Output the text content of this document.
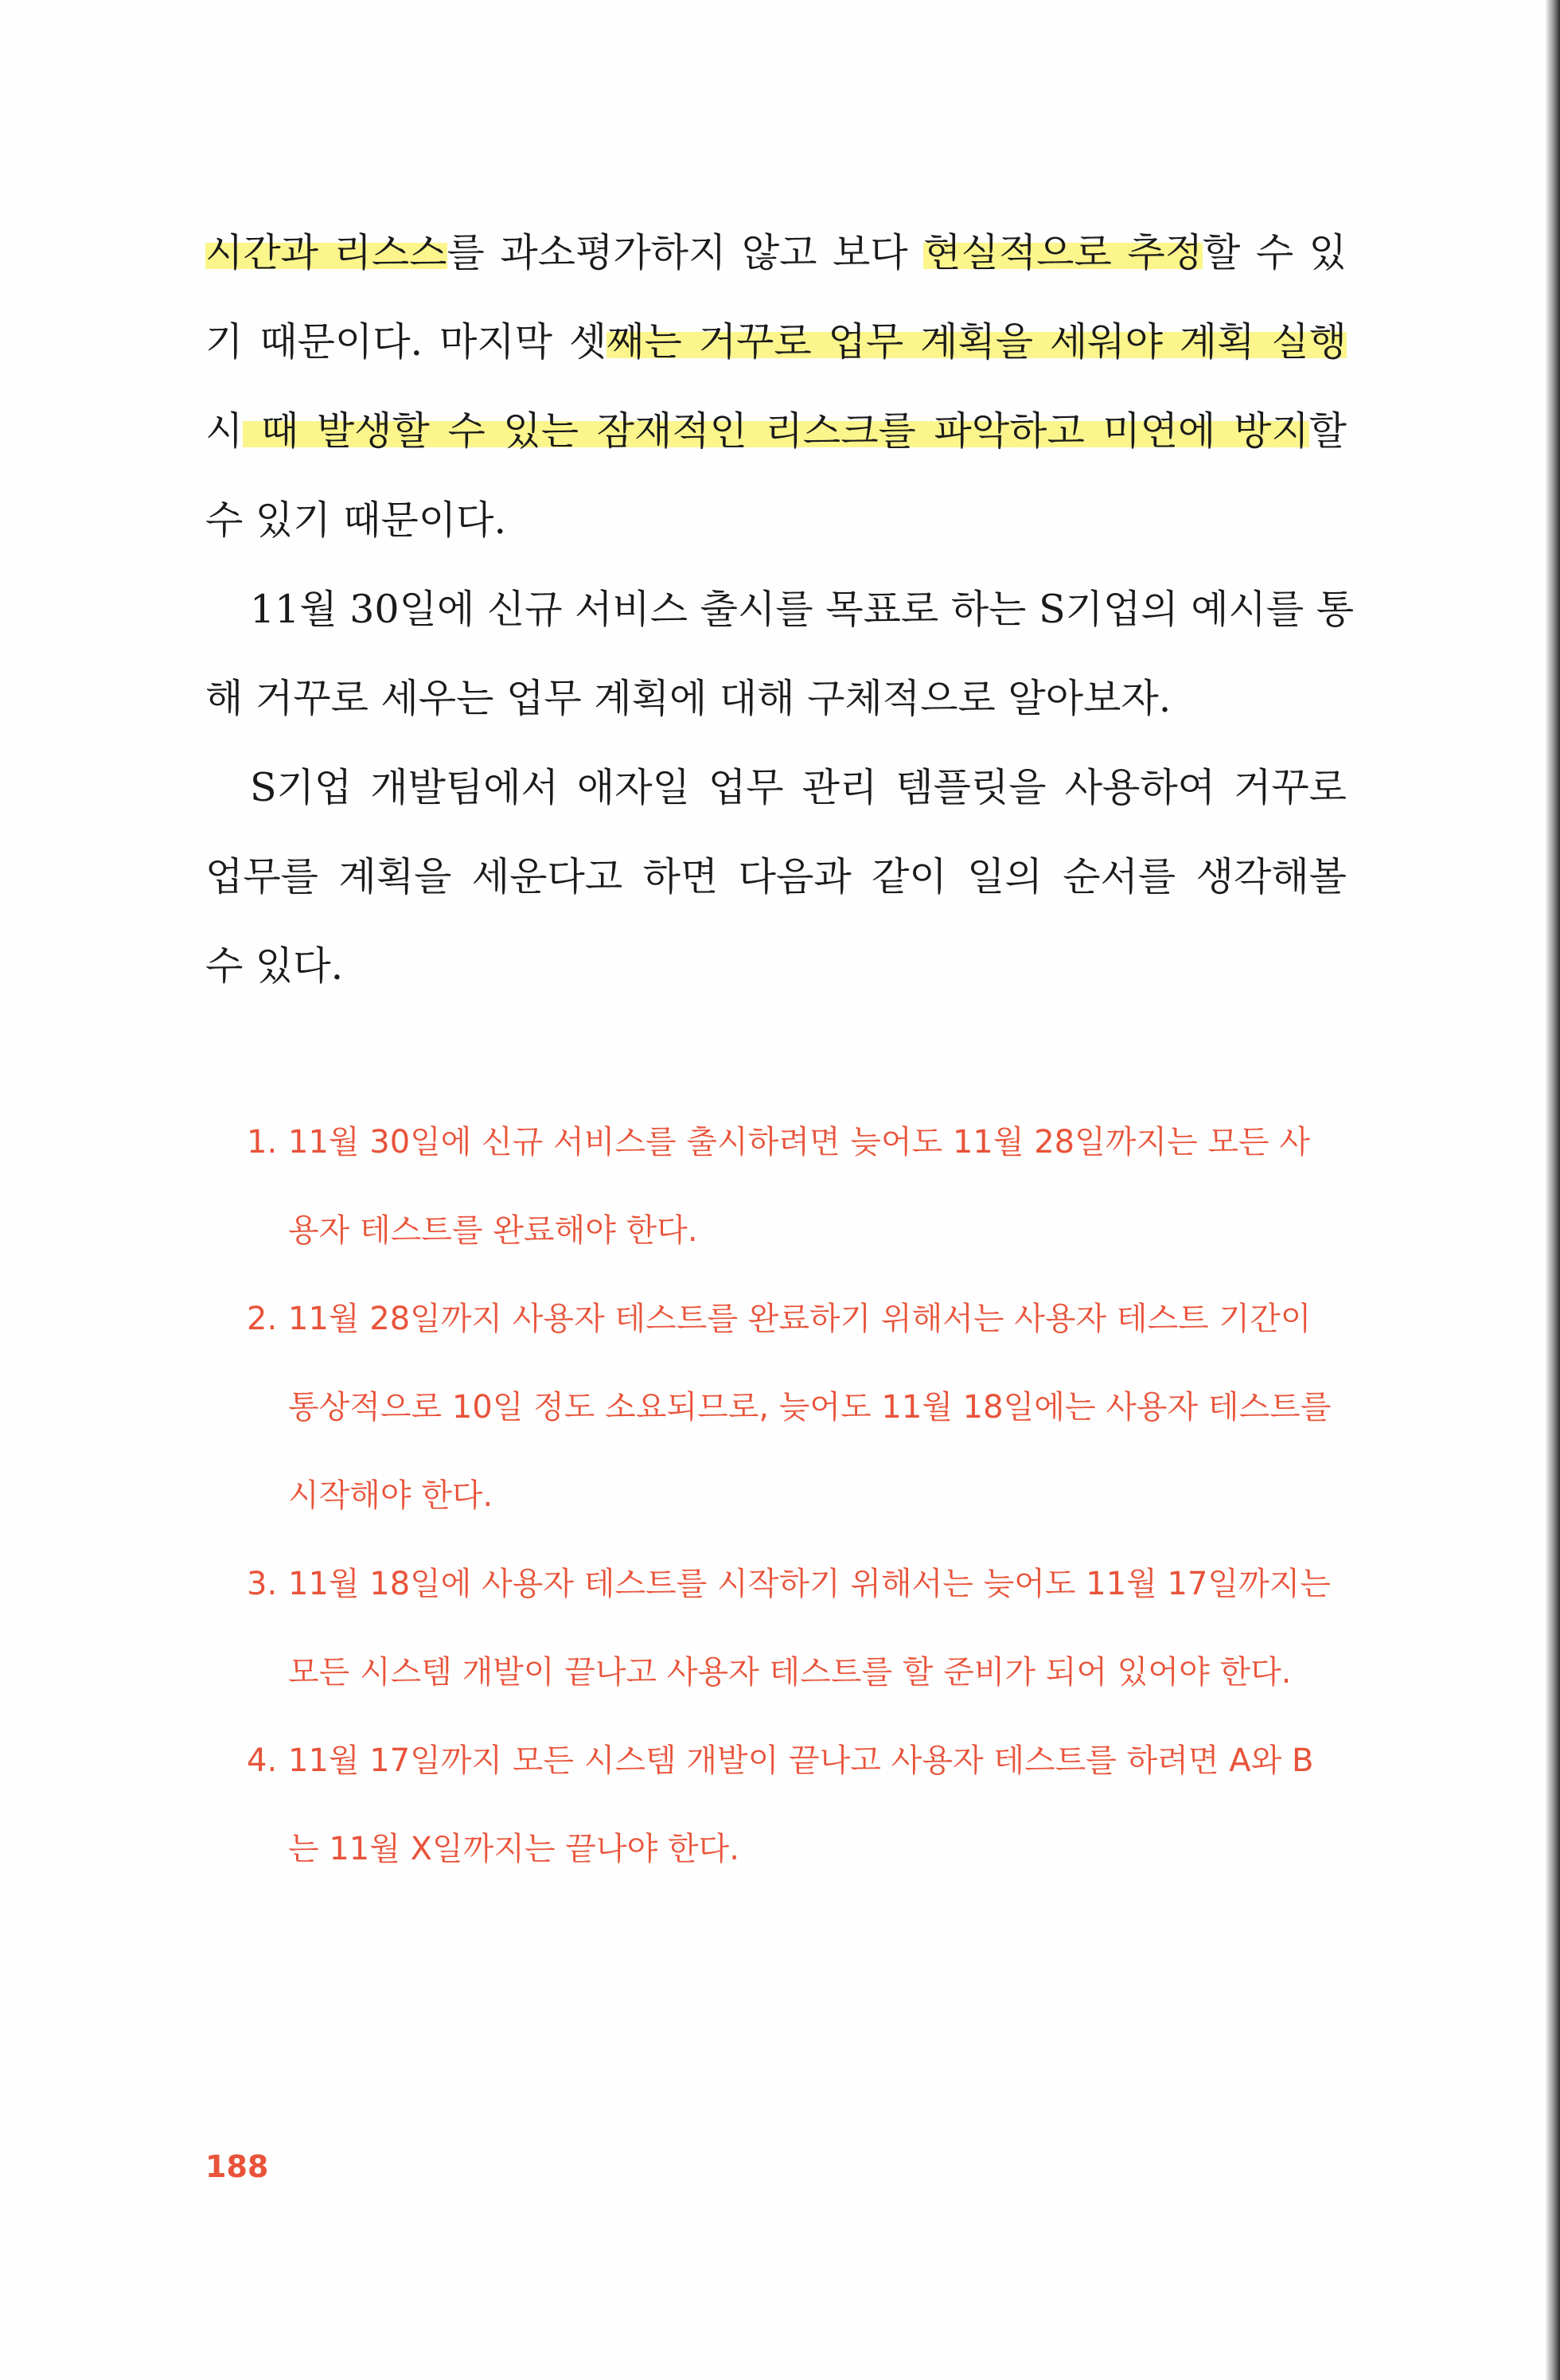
시간과 리스스를 과소평가하지 않고 보다 현실적으로 추정할 수 있
기 때문이다. 마지막 셋째는 거꾸로 업무 계획을 세워야 계획 실행
시 때 발생할 수 있는 잠재적인 리스크를 파악하고 미연에 방지할
수 있기 때문이다.
11월 30일에 신규 서비스 출시를 목표로 하는 S기업의 예시를 통
해 거꾸로 세우는 업무 계획에 대해 구체적으로 알아보자.
S기업 개발팀에서 애자일 업무 관리 템플릿을 사용하여 거꾸로
업무를 계획을 세운다고 하면 다음과 같이 일의 순서를 생각해볼
수 있다.
1. 11월 30일에 신규 서비스를 출시하려면 늦어도 11월 28일까지는 모든 사
용자 테스트를 완료해야 한다.
2. 11월 28일까지 사용자 테스트를 완료하기 위해서는 사용자 테스트 기간이
통상적으로 10일 정도 소요되므로, 늦어도 11월 18일에는 사용자 테스트를
시작해야 한다.
3. 11월 18일에 사용자 테스트를 시작하기 위해서는 늦어도 11월 17일까지는
모든 시스템 개발이 끝나고 사용자 테스트를 할 준비가 되어 있어야 한다.
4. 11월 17일까지 모든 시스템 개발이 끝나고 사용자 테스트를 하려면 A와 B
는 11월 X일까지는 끝나야 한다.
188
